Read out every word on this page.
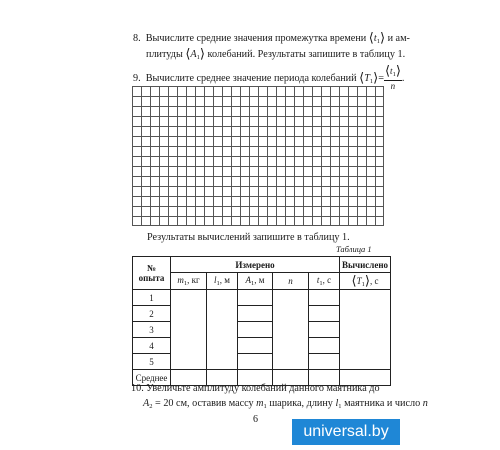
8. Вычислите средние значения промежутка времени $⟨t_1⟩$ и ам-
плитуды $⟨A_1⟩$ колебаний. Результаты запишите в таблицу 1.
9. Вычислите среднее значение периода колебаний $⟨T_1⟩= \frac{⟨t_1⟩}{n}$ .
Результаты вычислений запишите в таблицу 1.
Таблица 1
№
опыта	Измерено					Вычислено
	$m_1$, кг	$l_1$, м	$A_1$, м	n	$t_1$, с	$⟨T_1⟩$, с
1						
2						
3						
4						
5						
Среднее						
10. Увеличьте амплитуду колебаний данного маятника до
$A_2 = 20$ см, оставив массу $m_1$ шарика, длину $l_1$ маятника и число n
6
universal.by
